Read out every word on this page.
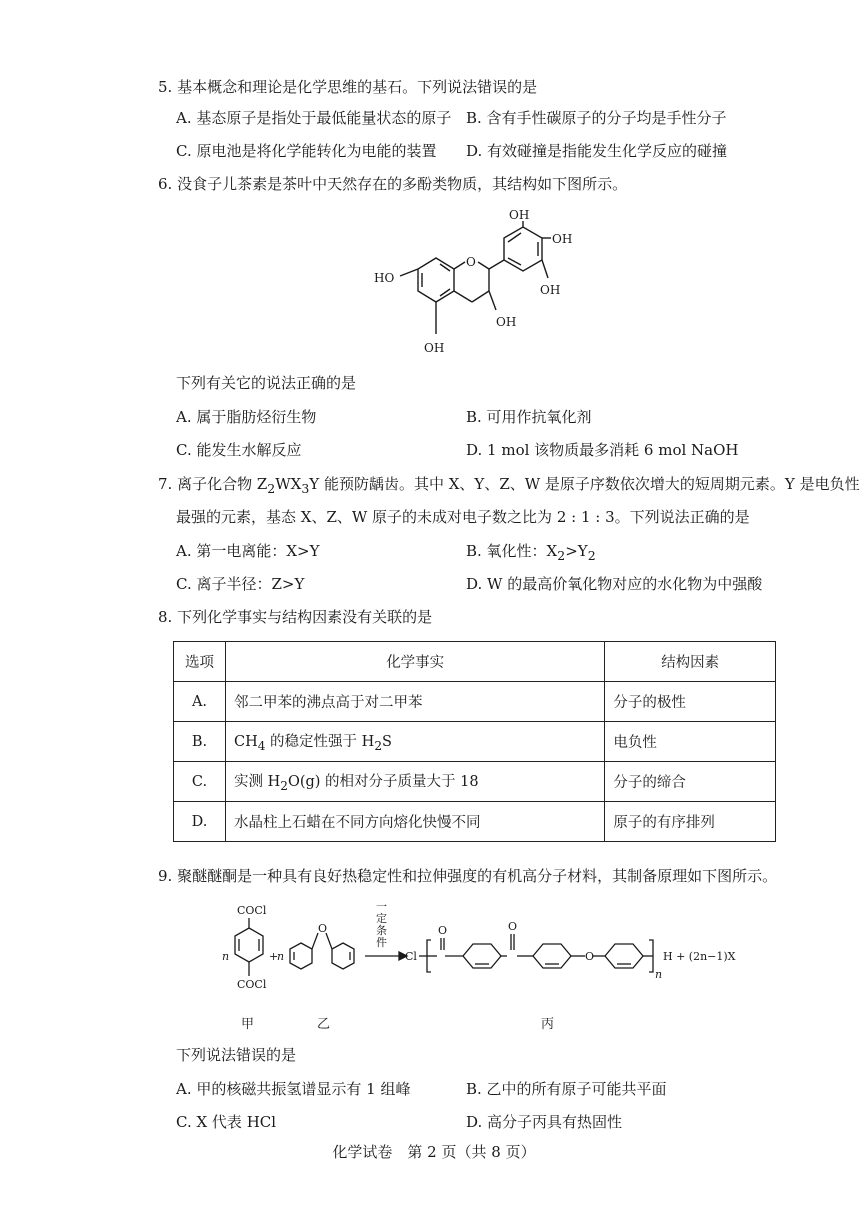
5. 基本概念和理论是化学思维的基石。下列说法错误的是
A. 基态原子是指处于最低能量状态的原子 B. 含有手性碳原子的分子均是手性分子
C. 原电池是将化学能转化为电能的装置 D. 有效碰撞是指能发生化学反应的碰撞
6. 没食子儿茶素是茶叶中天然存在的多酚类物质，其结构如下图所示。
OH
OH
OH
HO
O
OH
OH
下列有关它的说法正确的是
A. 属于脂肪烃衍生物	B. 可用作抗氧化剂
C. 能发生水解反应	D. 1 mol 该物质最多消耗 6 mol NaOH
7. 离子化合物 $Z_2WX_3Y$ 能预防龋齿。其中 X、Y、Z、W 是原子序数依次增大的短周期元素。Y 是电负性
最强的元素，基态 X、Z、W 原子的未成对电子数之比为 2 : 1 : 3。下列说法正确的是
A. 第一电离能：X>Y	B. 氧化性：$X_2>Y_2$
C. 离子半径：Z>Y	D. W 的最高价氧化物对应的水化物为中强酸
8. 下列化学事实与结构因素没有关联的是
选项	化学事实	结构因素
A.	邻二甲苯的沸点高于对二甲苯	分子的极性
B.	$CH_4$ 的稳定性强于 $H_2S$	电负性
C.	实测 $H_2O(g)$ 的相对分子质量大于 18	分子的缔合
D.	水晶柱上石蜡在不同方向熔化快慢不同	原子的有序排列
9. 聚醚醚酮是一种具有良好热稳定性和拉伸强度的有机高分子材料，其制备原理如下图所示。
COCl
COCl
n	+
n
O
一
定
条
件
Cl
O	O
O
n
H + (2n−1)X
甲	乙	丙
下列说法错误的是
A. 甲的核磁共振氢谱显示有 1 组峰	B. 乙中的所有原子可能共平面
C. X 代表 HCl	D. 高分子丙具有热固性
化学试卷　第 2 页（共 8 页）
